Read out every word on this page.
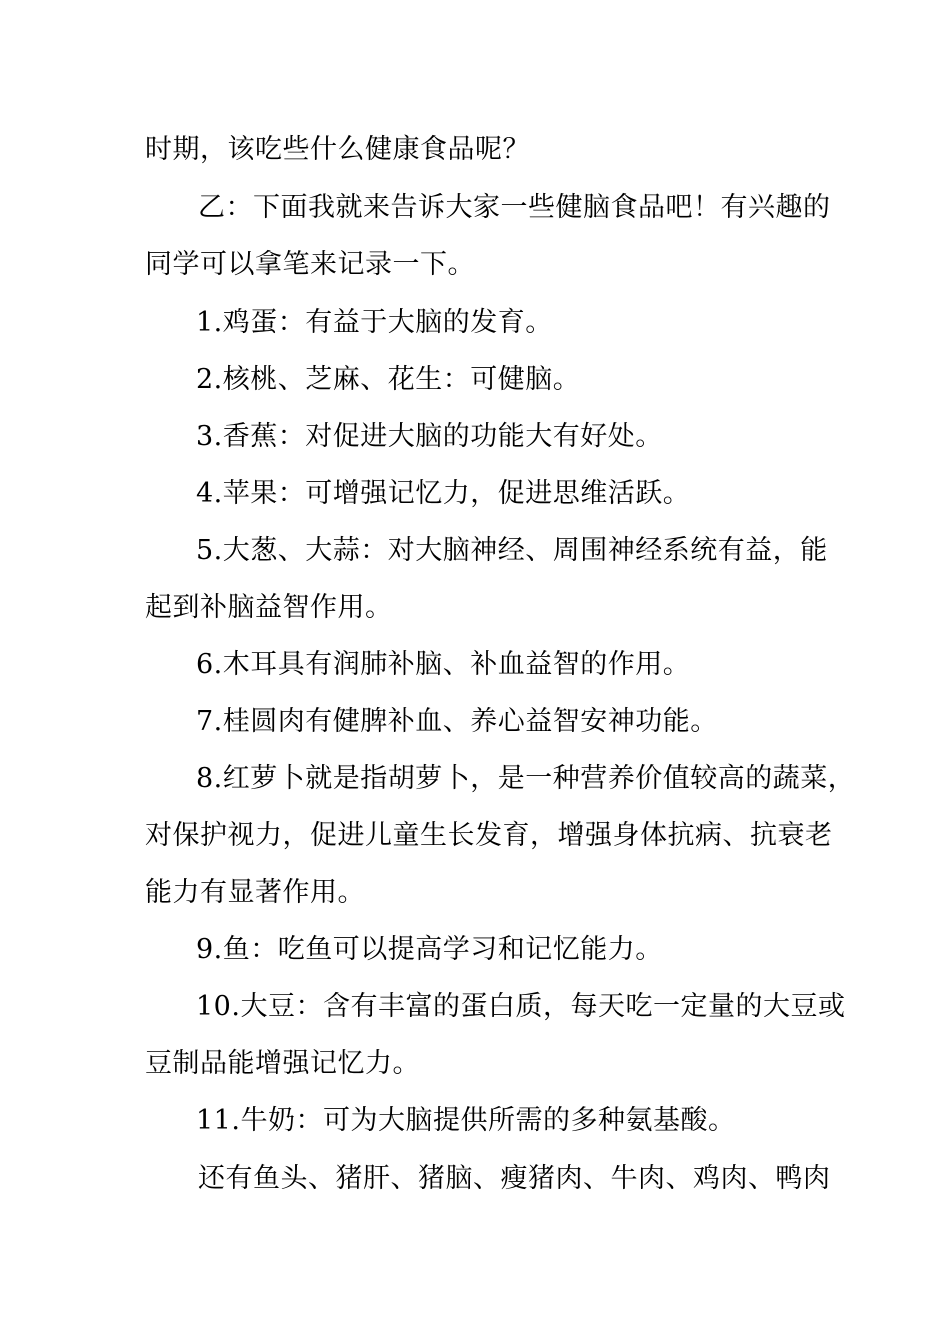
时期，该吃些什么健康食品呢？
乙：下面我就来告诉大家一些健脑食品吧！有兴趣的
同学可以拿笔来记录一下。
1.鸡蛋：有益于大脑的发育。
2.核桃、芝麻、花生：可健脑。
3.香蕉：对促进大脑的功能大有好处。
4.苹果：可增强记忆力，促进思维活跃。
5.大葱、大蒜：对大脑神经、周围神经系统有益，能
起到补脑益智作用。
6.木耳具有润肺补脑、补血益智的作用。
7.桂圆肉有健脾补血、养心益智安神功能。
8.红萝卜就是指胡萝卜，是一种营养价值较高的蔬菜，
对保护视力，促进儿童生长发育，增强身体抗病、抗衰老
能力有显著作用。
9.鱼：吃鱼可以提高学习和记忆能力。
10.大豆：含有丰富的蛋白质，每天吃一定量的大豆或
豆制品能增强记忆力。
11.牛奶：可为大脑提供所需的多种氨基酸。
还有鱼头、猪肝、猪脑、瘦猪肉、牛肉、鸡肉、鸭肉
